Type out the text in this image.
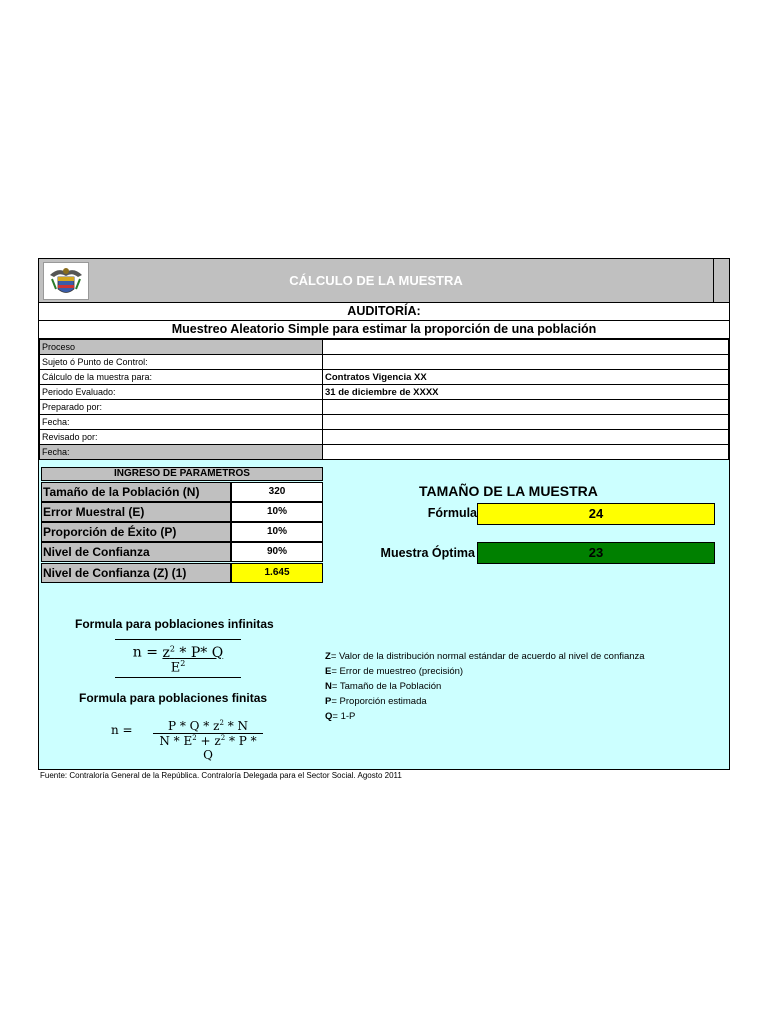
CÁLCULO DE LA MUESTRA
AUDITORÍA:
Muestreo Aleatorio Simple para estimar la proporción de una población
Proceso	
Sujeto ó Punto de Control:	
Cálculo de la muestra para:	Contratos Vigencia XX
Periodo Evaluado:	31 de diciembre de XXXX
Preparado por:	
Fecha:	
Revisado por:	
Fecha:	
INGRESO DE PARAMETROS
Tamaño de la Población (N)	320
Error Muestral (E)	10%
Proporción de Éxito (P)	10%
Nivel de Confianza	90%
Nivel de Confianza (Z) (1)	1.645
TAMAÑO DE LA MUESTRA
Fórmula	24
Muestra Óptima	23
Formula para poblaciones infinitas
$n = z^2 * P*$ Q
$E^2$
Formula para poblaciones finitas
n =	P * Q * $z^2$ * N
$N * E^2 + z^2 * P * Q$
Z= Valor de la distribución normal estándar de acuerdo al nivel de confianza
E= Error de muestreo (precisión)
N= Tamaño de la Población
P= Proporción estimada
Q= 1-P
Fuente: Contraloría General de la República. Contraloría Delegada para el Sector Social. Agosto 2011
